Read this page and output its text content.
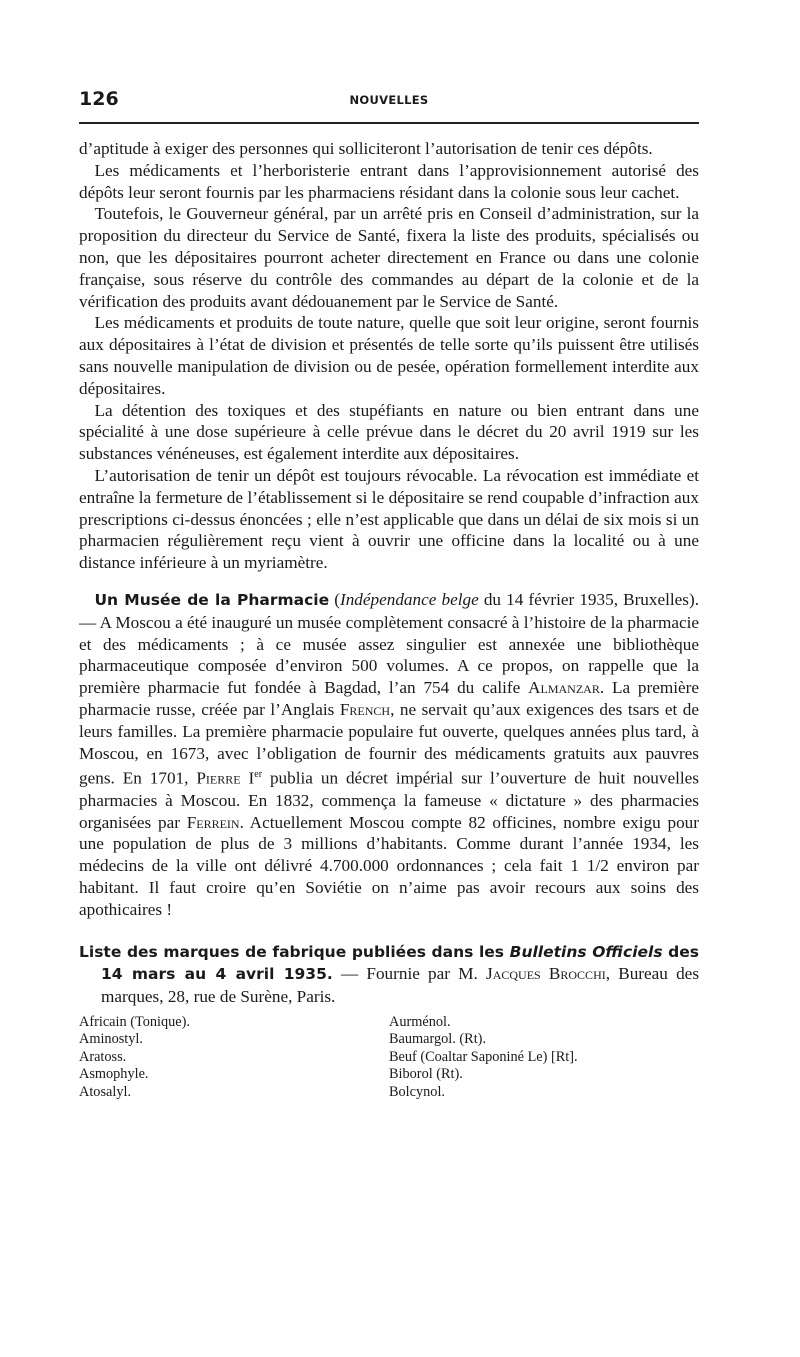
126	NOUVELLES

d’aptitude à exiger des personnes qui solliciteront l’autorisation de tenir ces dépôts.

Les médicaments et l’herboristerie entrant dans l’approvisionnement autorisé des dépôts leur seront fournis par les pharmaciens résidant dans la colonie sous leur cachet.

Toutefois, le Gouverneur général, par un arrêté pris en Conseil d’administration, sur la proposition du directeur du Service de Santé, fixera la liste des produits, spécialisés ou non, que les dépositaires pourront acheter directement en France ou dans une colonie française, sous réserve du contrôle des commandes au départ de la colonie et de la vérification des produits avant dédouanement par le Service de Santé.

Les médicaments et produits de toute nature, quelle que soit leur origine, seront fournis aux dépositaires à l’état de division et présentés de telle sorte qu’ils puissent être utilisés sans nouvelle manipulation de division ou de pesée, opération formellement interdite aux dépositaires.

La détention des toxiques et des stupéfiants en nature ou bien entrant dans une spécialité à une dose supérieure à celle prévue dans le décret du 20 avril 1919 sur les substances vénéneuses, est également interdite aux dépositaires.

L’autorisation de tenir un dépôt est toujours révocable. La révocation est immédiate et entraîne la fermeture de l’établissement si le dépositaire se rend coupable d’infraction aux prescriptions ci-dessus énoncées ; elle n’est applicable que dans un délai de six mois si un pharmacien régulièrement reçu vient à ouvrir une officine dans la localité ou à une distance inférieure à un myriamètre.

Un Musée de la Pharmacie (Indépendance belge du 14 février 1935, Bruxelles). — A Moscou a été inauguré un musée complètement consacré à l’histoire de la pharmacie et des médicaments ; à ce musée assez singulier est annexée une bibliothèque pharmaceutique composée d’environ 500 volumes. A ce propos, on rappelle que la première pharmacie fut fondée à Bagdad, l’an 754 du calife Almanzar. La première pharmacie russe, créée par l’Anglais French, ne servait qu’aux exigences des tsars et de leurs familles. La première pharmacie populaire fut ouverte, quelques années plus tard, à Moscou, en 1673, avec l’obligation de fournir des médicaments gratuits aux pauvres gens. En 1701, Pierre Ier publia un décret impérial sur l’ouverture de huit nouvelles pharmacies à Moscou. En 1832, commença la fameuse « dictature » des pharmacies organisées par Ferrein. Actuellement Moscou compte 82 officines, nombre exigu pour une population de plus de 3 millions d’habitants. Comme durant l’année 1934, les médecins de la ville ont délivré 4.700.000 ordonnances ; cela fait 1 1/2 environ par habitant. Il faut croire qu’en Soviétie on n’aime pas avoir recours aux soins des apothicaires !

Liste des marques de fabrique publiées dans les Bulletins Officiels des 14 mars au 4 avril 1935. — Fournie par M. Jacques Brocchi, Bureau des marques, 28, rue de Surène, Paris.

Africain (Tonique).
Aminostyl.
Aratoss.
Asmophyle.
Atosalyl.
Aurménol.
Baumargol. (Rt).
Beuf (Coaltar Saponiné Le) [Rt].
Biborol (Rt).
Bolcynol.
